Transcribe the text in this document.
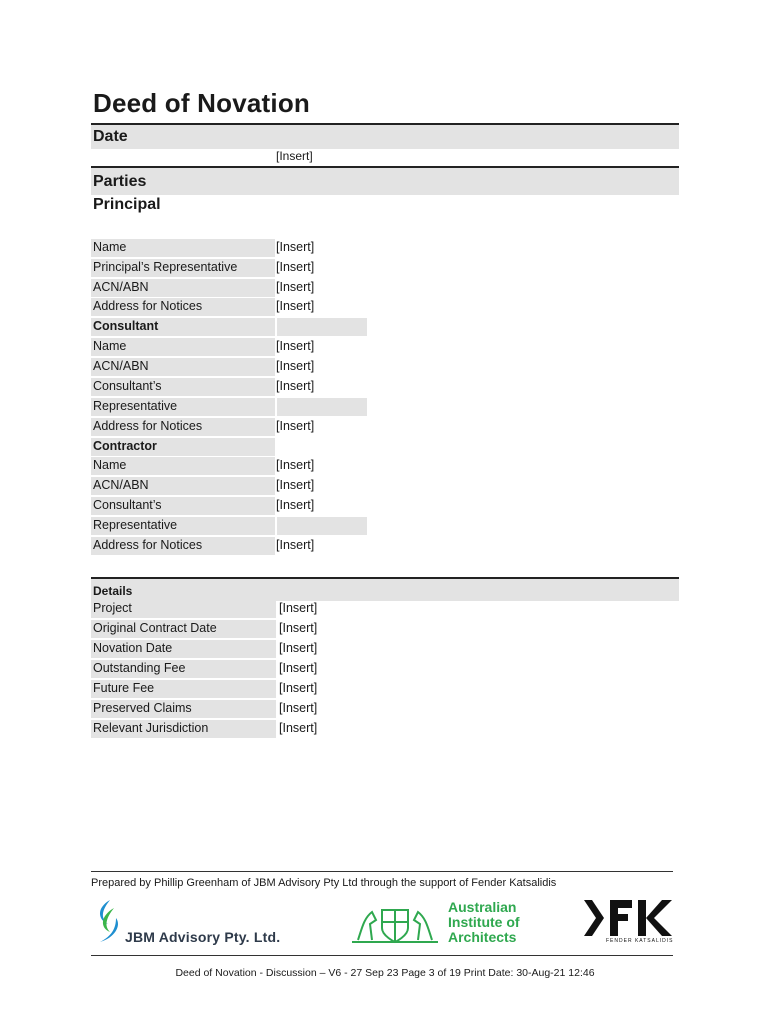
Deed of Novation
Date
[Insert]
Parties
Principal
Name	[Insert]
Principal’s Representative	[Insert]
ACN/ABN	[Insert]
Address for Notices	[Insert]
Consultant
Name	[Insert]
ACN/ABN	[Insert]
Consultant’s	[Insert]
Representative
Address for Notices	[Insert]
Contractor
Name	[Insert]
ACN/ABN	[Insert]
Consultant’s	[Insert]
Representative
Address for Notices	[Insert]
Details
Project	[Insert]
Original Contract Date	[Insert]
Novation Date	[Insert]
Outstanding Fee	[Insert]
Future Fee	[Insert]
Preserved Claims	[Insert]
Relevant Jurisdiction	[Insert]
Prepared by Phillip Greenham of JBM Advisory Pty Ltd through the support of Fender Katsalidis
JBM Advisory Pty. Ltd.
Australian
Institute of
Architects	FENDER KATSALIDIS
Deed of Novation - Discussion – V6 - 27 Sep 23 Page 3 of 19 Print Date: 30-Aug-21 12:46
